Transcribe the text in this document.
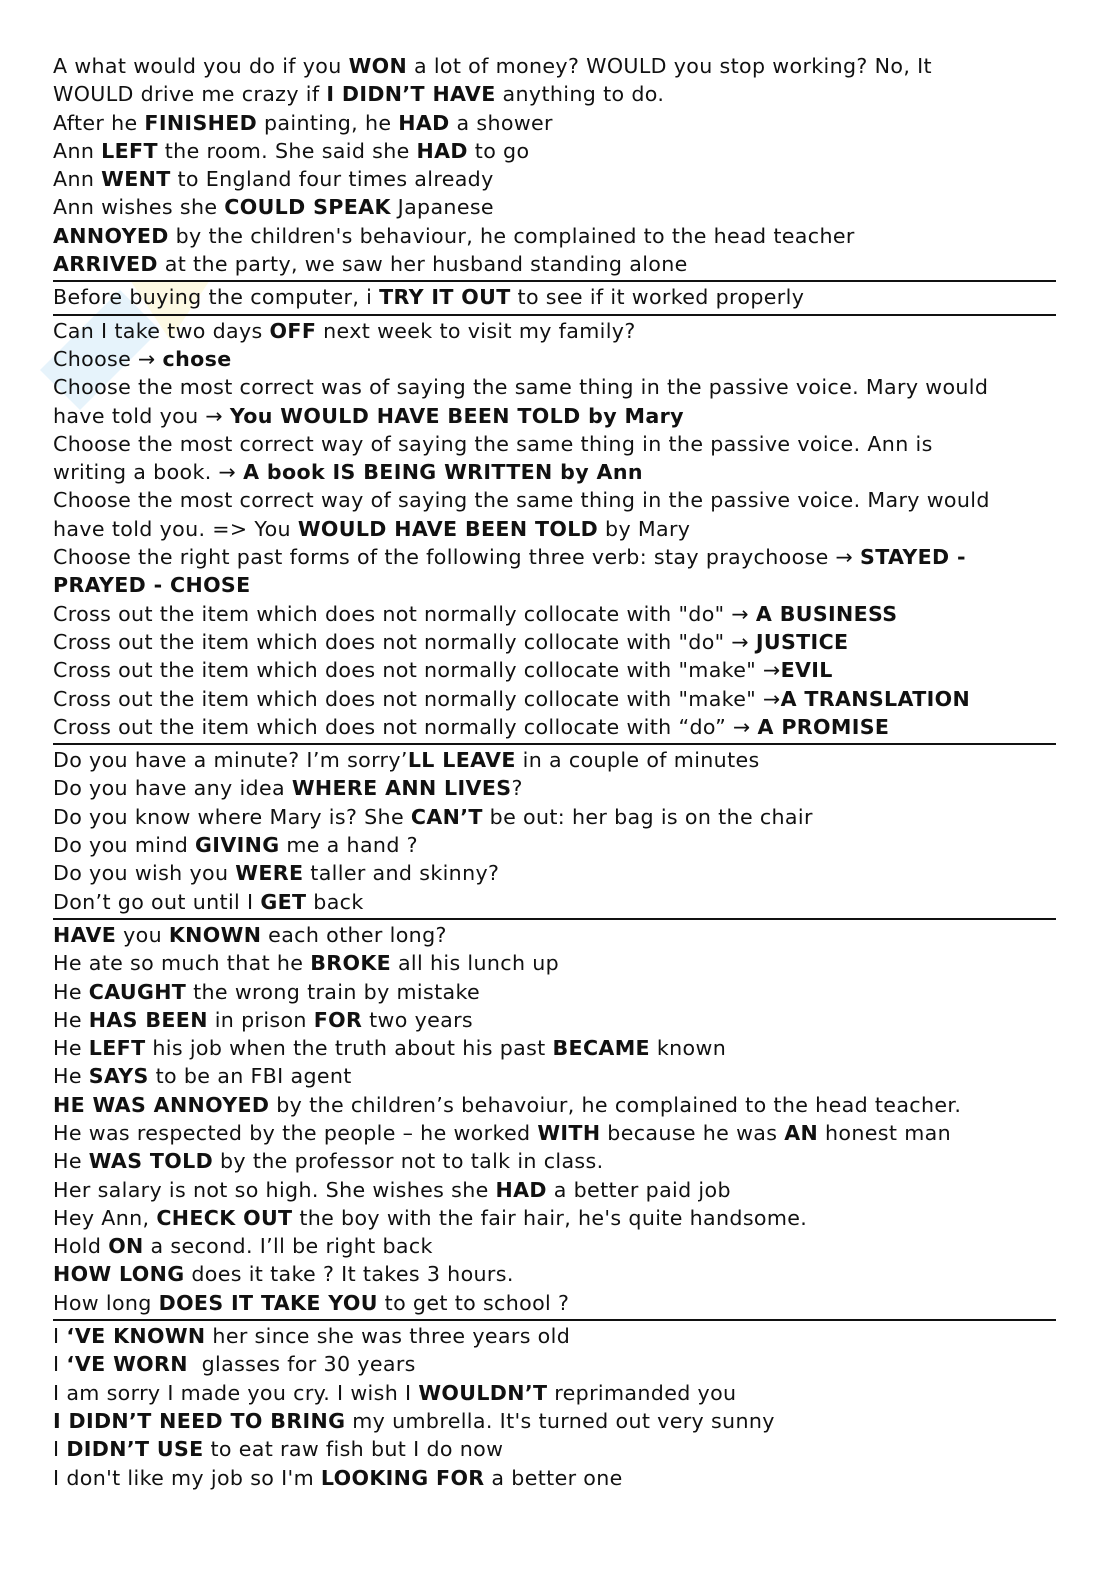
A what would you do if you WON a lot of money? WOULD you stop working? No, It
WOULD drive me crazy if I DIDN’T HAVE anything to do.
After he FINISHED painting, he HAD a shower
Ann LEFT the room. She said she HAD to go
Ann WENT to England four times already
Ann wishes she COULD SPEAK Japanese
ANNOYED by the children's behaviour, he complained to the head teacher
ARRIVED at the party, we saw her husband standing alone
Before buying the computer, i TRY IT OUT to see if it worked properly
Can I take two days OFF next week to visit my family?
Choose → chose
Choose the most correct was of saying the same thing in the passive voice. Mary would
have told you → You WOULD HAVE BEEN TOLD by Mary
Choose the most correct way of saying the same thing in the passive voice. Ann is
writing a book. → A book IS BEING WRITTEN by Ann
Choose the most correct way of saying the same thing in the passive voice. Mary would
have told you. => You WOULD HAVE BEEN TOLD by Mary
Choose the right past forms of the following three verb: stay praychoose → STAYED -
PRAYED - CHOSE
Cross out the item which does not normally collocate with "do" → A BUSINESS
Cross out the item which does not normally collocate with "do" → JUSTICE
Cross out the item which does not normally collocate with "make" →EVIL
Cross out the item which does not normally collocate with "make" →A TRANSLATION
Cross out the item which does not normally collocate with “do” → A PROMISE
Do you have a minute? I’m sorry’LL LEAVE in a couple of minutes
Do you have any idea WHERE ANN LIVES?
Do you know where Mary is? She CAN’T be out: her bag is on the chair
Do you mind GIVING me a hand ?
Do you wish you WERE taller and skinny?
Don’t go out until I GET back
HAVE you KNOWN each other long?
He ate so much that he BROKE all his lunch up
He CAUGHT the wrong train by mistake
He HAS BEEN in prison FOR two years
He LEFT his job when the truth about his past BECAME known
He SAYS to be an FBI agent
HE WAS ANNOYED by the children’s behavoiur, he complained to the head teacher.
He was respected by the people – he worked WITH because he was AN honest man
He WAS TOLD by the professor not to talk in class.
Her salary is not so high. She wishes she HAD a better paid job
Hey Ann, CHECK OUT the boy with the fair hair, he's quite handsome.
Hold ON a second. I’ll be right back
HOW LONG does it take ? It takes 3 hours.
How long DOES IT TAKE YOU to get to school ?
I ‘VE KNOWN her since she was three years old
I ‘VE WORN  glasses for 30 years
I am sorry I made you cry. I wish I WOULDN’T reprimanded you
I DIDN’T NEED TO BRING my umbrella. It's turned out very sunny
I DIDN’T USE to eat raw fish but I do now
I don't like my job so I'm LOOKING FOR a better one
